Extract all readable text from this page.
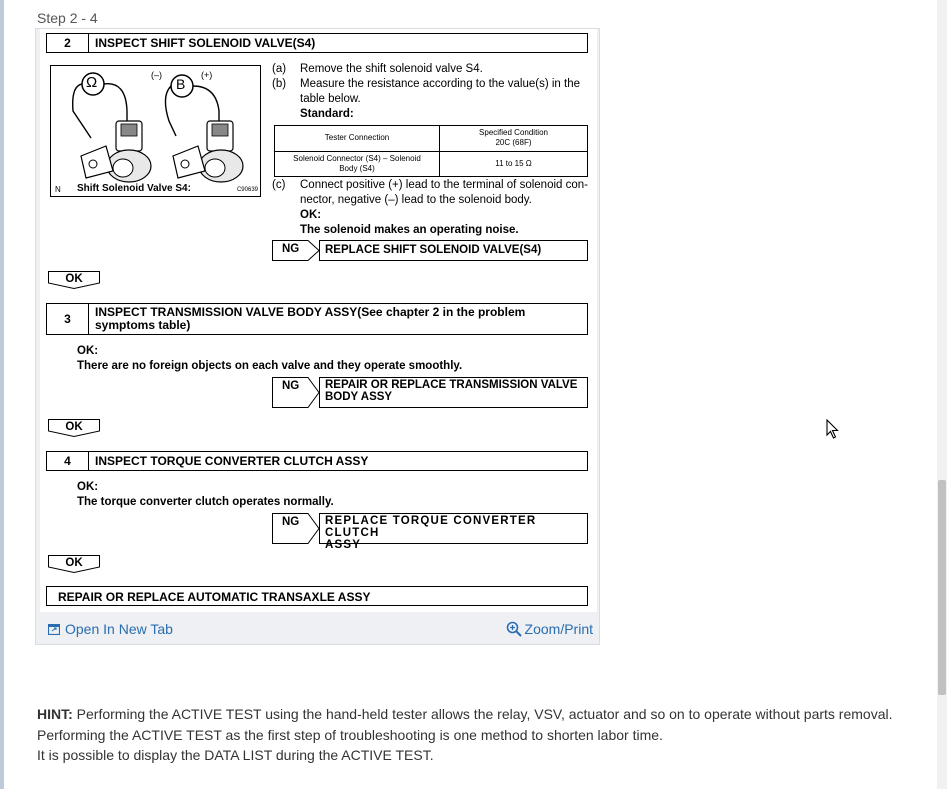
Step 2 - 4
2	INSPECT SHIFT SOLENOID VALVE(S4)
Ω	B
(–)	(+)
N Shift Solenoid Valve S4:	C90639
(a) Remove the shift solenoid valve S4.
(b) Measure the resistance according to the value(s) in the
table below.
Standard:
Tester Connection	Specified Condition
20C (68F)
Solenoid Connector (S4) – Solenoid
Body (S4)	11 to 15 Ω
(c) Connect positive (+) lead to the terminal of solenoid con-
nector, negative (–) lead to the solenoid body.
OK:
The solenoid makes an operating noise.
NG	REPLACE SHIFT SOLENOID VALVE(S4)
OK
3	INSPECT TRANSMISSION VALVE BODY ASSY(See chapter 2 in the problem
symptoms table)
OK:
There are no foreign objects on each valve and they operate smoothly.
NG	REPAIR OR REPLACE TRANSMISSION VALVE
BODY ASSY
OK
4	INSPECT TORQUE CONVERTER CLUTCH ASSY
OK:
The torque converter clutch operates normally.
NG	REPLACE TORQUE CONVERTER CLUTCH
ASSY
OK
REPAIR OR REPLACE AUTOMATIC TRANSAXLE ASSY
Open In New Tab	Zoom/Print
HINT: Performing the ACTIVE TEST using the hand-held tester allows the relay, VSV, actuator and so on to operate without parts removal.
Performing the ACTIVE TEST as the first step of troubleshooting is one method to shorten labor time.
It is possible to display the DATA LIST during the ACTIVE TEST.
